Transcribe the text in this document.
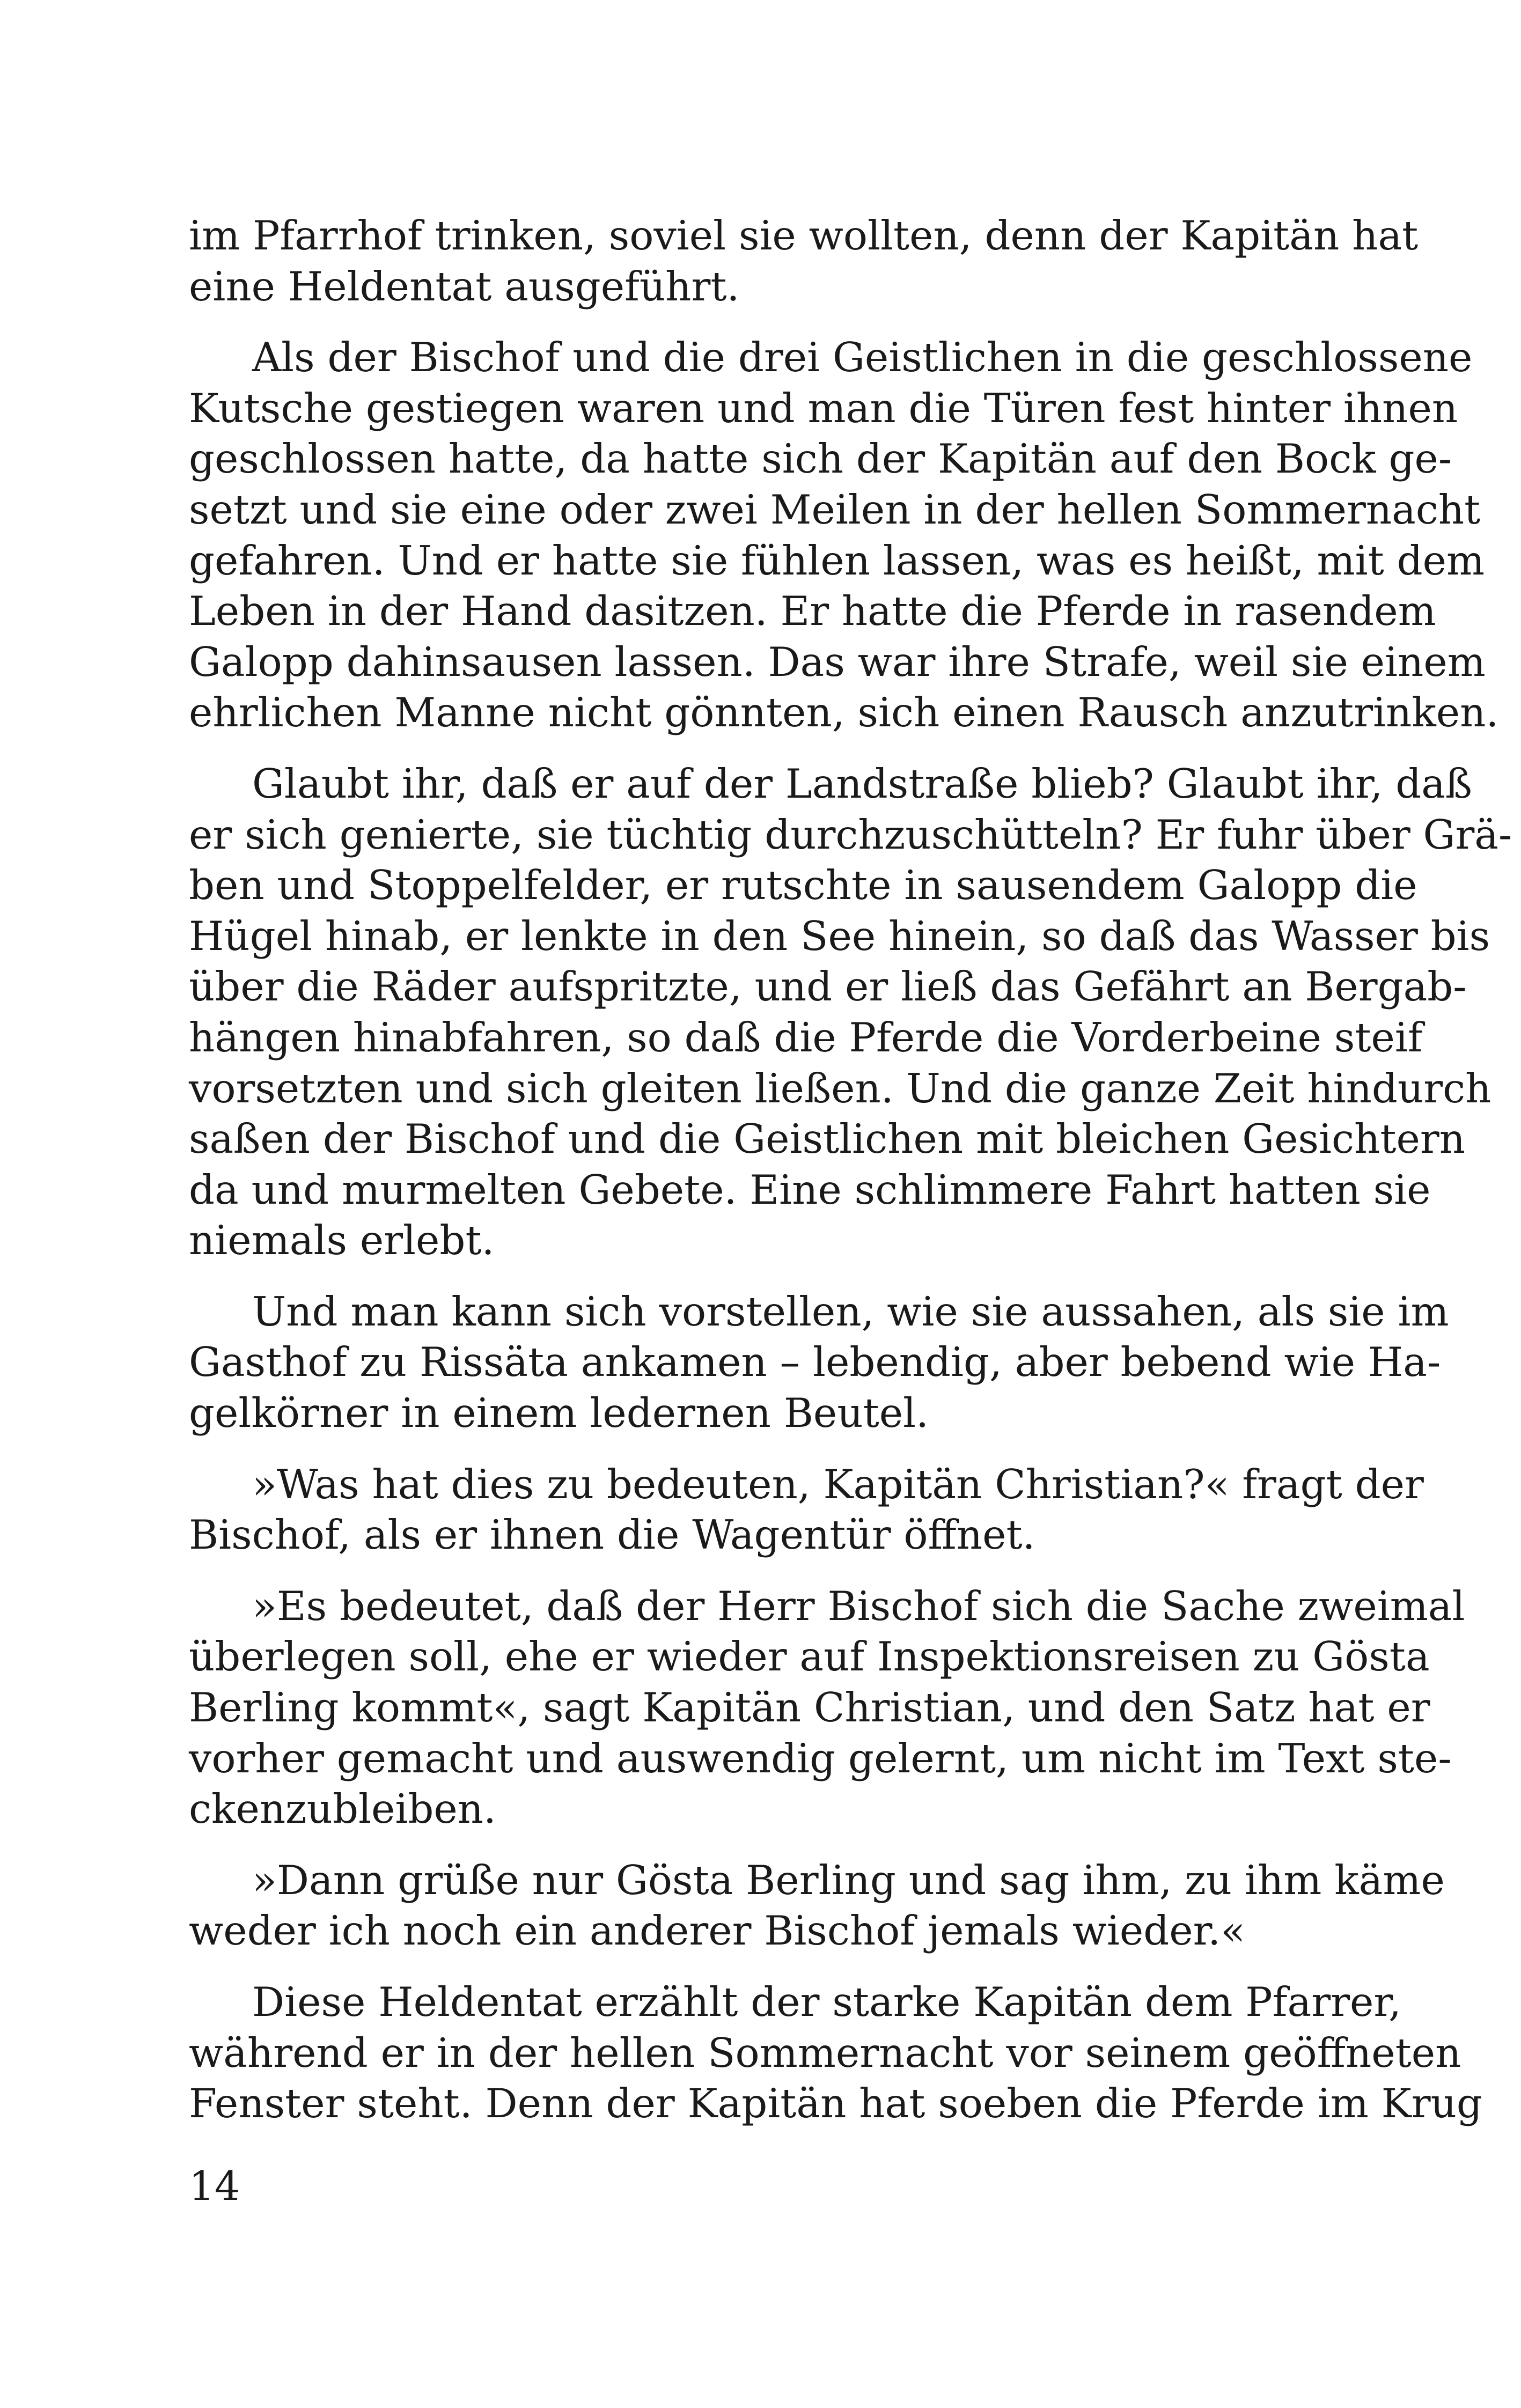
im Pfarrhof trinken, soviel sie wollten, denn der Kapitän hat
eine Heldentat ausgeführt.
Als der Bischof und die drei Geistlichen in die geschlossene
Kutsche gestiegen waren und man die Türen fest hinter ihnen
geschlossen hatte, da hatte sich der Kapitän auf den Bock ge-
setzt und sie eine oder zwei Meilen in der hellen Sommernacht
gefahren. Und er hatte sie fühlen lassen, was es heißt, mit dem
Leben in der Hand dasitzen. Er hatte die Pferde in rasendem
Galopp dahinsausen lassen. Das war ihre Strafe, weil sie einem
ehrlichen Manne nicht gönnten, sich einen Rausch anzutrinken.
Glaubt ihr, daß er auf der Landstraße blieb? Glaubt ihr, daß
er sich genierte, sie tüchtig durchzuschütteln? Er fuhr über Grä-
ben und Stoppelfelder, er rutschte in sausendem Galopp die
Hügel hinab, er lenkte in den See hinein, so daß das Wasser bis
über die Räder aufspritzte, und er ließ das Gefährt an Bergab-
hängen hinabfahren, so daß die Pferde die Vorderbeine steif
vorsetzten und sich gleiten ließen. Und die ganze Zeit hindurch
saßen der Bischof und die Geistlichen mit bleichen Gesichtern
da und murmelten Gebete. Eine schlimmere Fahrt hatten sie
niemals erlebt.
Und man kann sich vorstellen, wie sie aussahen, als sie im
Gasthof zu Rissäta ankamen – lebendig, aber bebend wie Ha-
gelkörner in einem ledernen Beutel.
»Was hat dies zu bedeuten, Kapitän Christian?« fragt der
Bischof, als er ihnen die Wagentür öffnet.
»Es bedeutet, daß der Herr Bischof sich die Sache zweimal
überlegen soll, ehe er wieder auf Inspektionsreisen zu Gösta
Berling kommt«, sagt Kapitän Christian, und den Satz hat er
vorher gemacht und auswendig gelernt, um nicht im Text ste-
ckenzubleiben.
»Dann grüße nur Gösta Berling und sag ihm, zu ihm käme
weder ich noch ein anderer Bischof jemals wieder.«
Diese Heldentat erzählt der starke Kapitän dem Pfarrer,
während er in der hellen Sommernacht vor seinem geöffneten
Fenster steht. Denn der Kapitän hat soeben die Pferde im Krug
14
